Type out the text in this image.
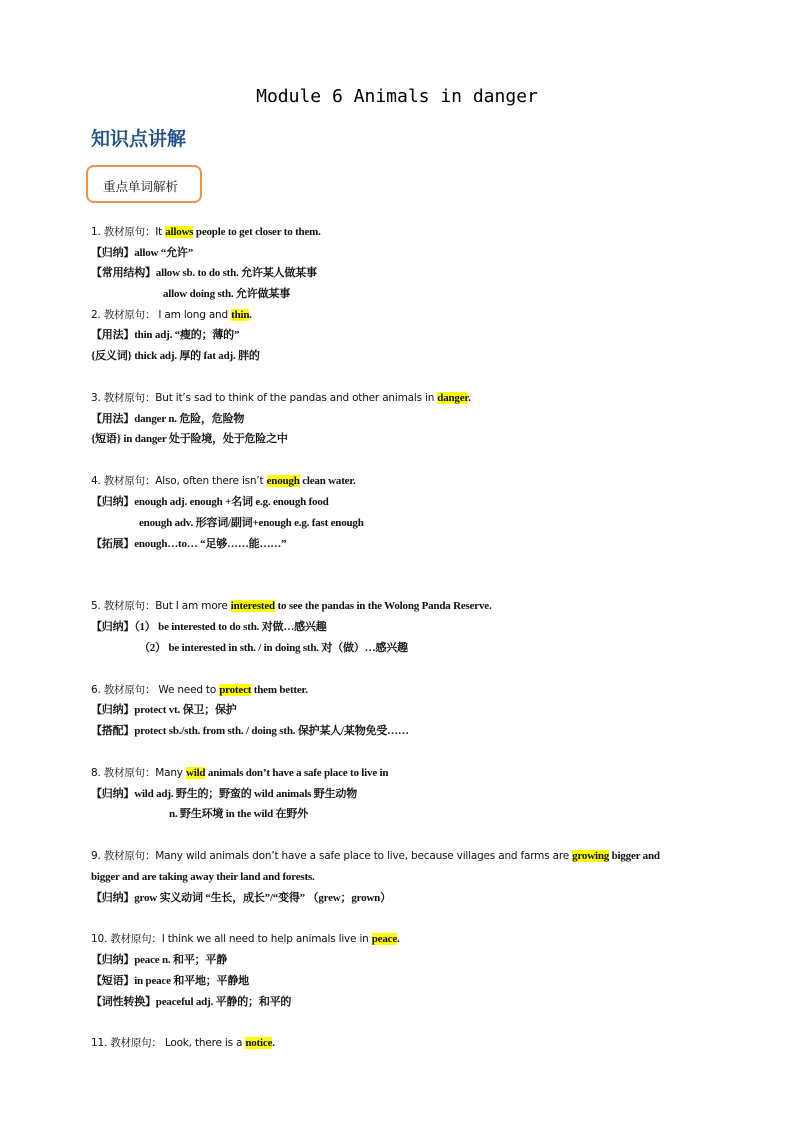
Module 6 Animals in danger
知识点讲解
重点单词解析
1. 教材原句：It allows people to get closer to them.
【归纳】allow “允许”
【常用结构】allow sb. to do sth. 允许某人做某事
allow doing sth. 允许做某事
2. 教材原句： I am long and thin.
【用法】thin adj. “瘦的；薄的”
{反义词} thick adj. 厚的 fat adj. 胖的
3. 教材原句：But it’s sad to think of the pandas and other animals in danger.
【用法】danger n. 危险，危险物
{短语} in danger 处于险境，处于危险之中
4. 教材原句：Also, often there isn’t enough clean water.
【归纳】enough adj. enough +名词 e.g. enough food
enough adv. 形容词/副词+enough e.g. fast enough
【拓展】enough…to… “足够……能……”
5. 教材原句：But I am more interested to see the pandas in the Wolong Panda Reserve.
【归纳】（1） be interested to do sth. 对做…感兴趣
（2） be interested in sth. / in doing sth. 对（做）…感兴趣
6. 教材原句： We need to protect them better.
【归纳】protect vt. 保卫；保护
【搭配】protect sb./sth. from sth. / doing sth. 保护某人/某物免受……
8. 教材原句：Many wild animals don’t have a safe place to live in
【归纳】wild adj. 野生的；野蛮的 wild animals 野生动物
n. 野生环境 in the wild 在野外
9. 教材原句：Many wild animals don’t have a safe place to live, because villages and farms are growing bigger and
bigger and are taking away their land and forests.
【归纳】grow 实义动词 “生长，成长”/“变得” （grew；grown）
10. 教材原句：I think we all need to help animals live in peace.
【归纳】peace n. 和平；平静
【短语】in peace 和平地；平静地
【词性转换】peaceful adj. 平静的；和平的
11. 教材原句： Look, there is a notice.
